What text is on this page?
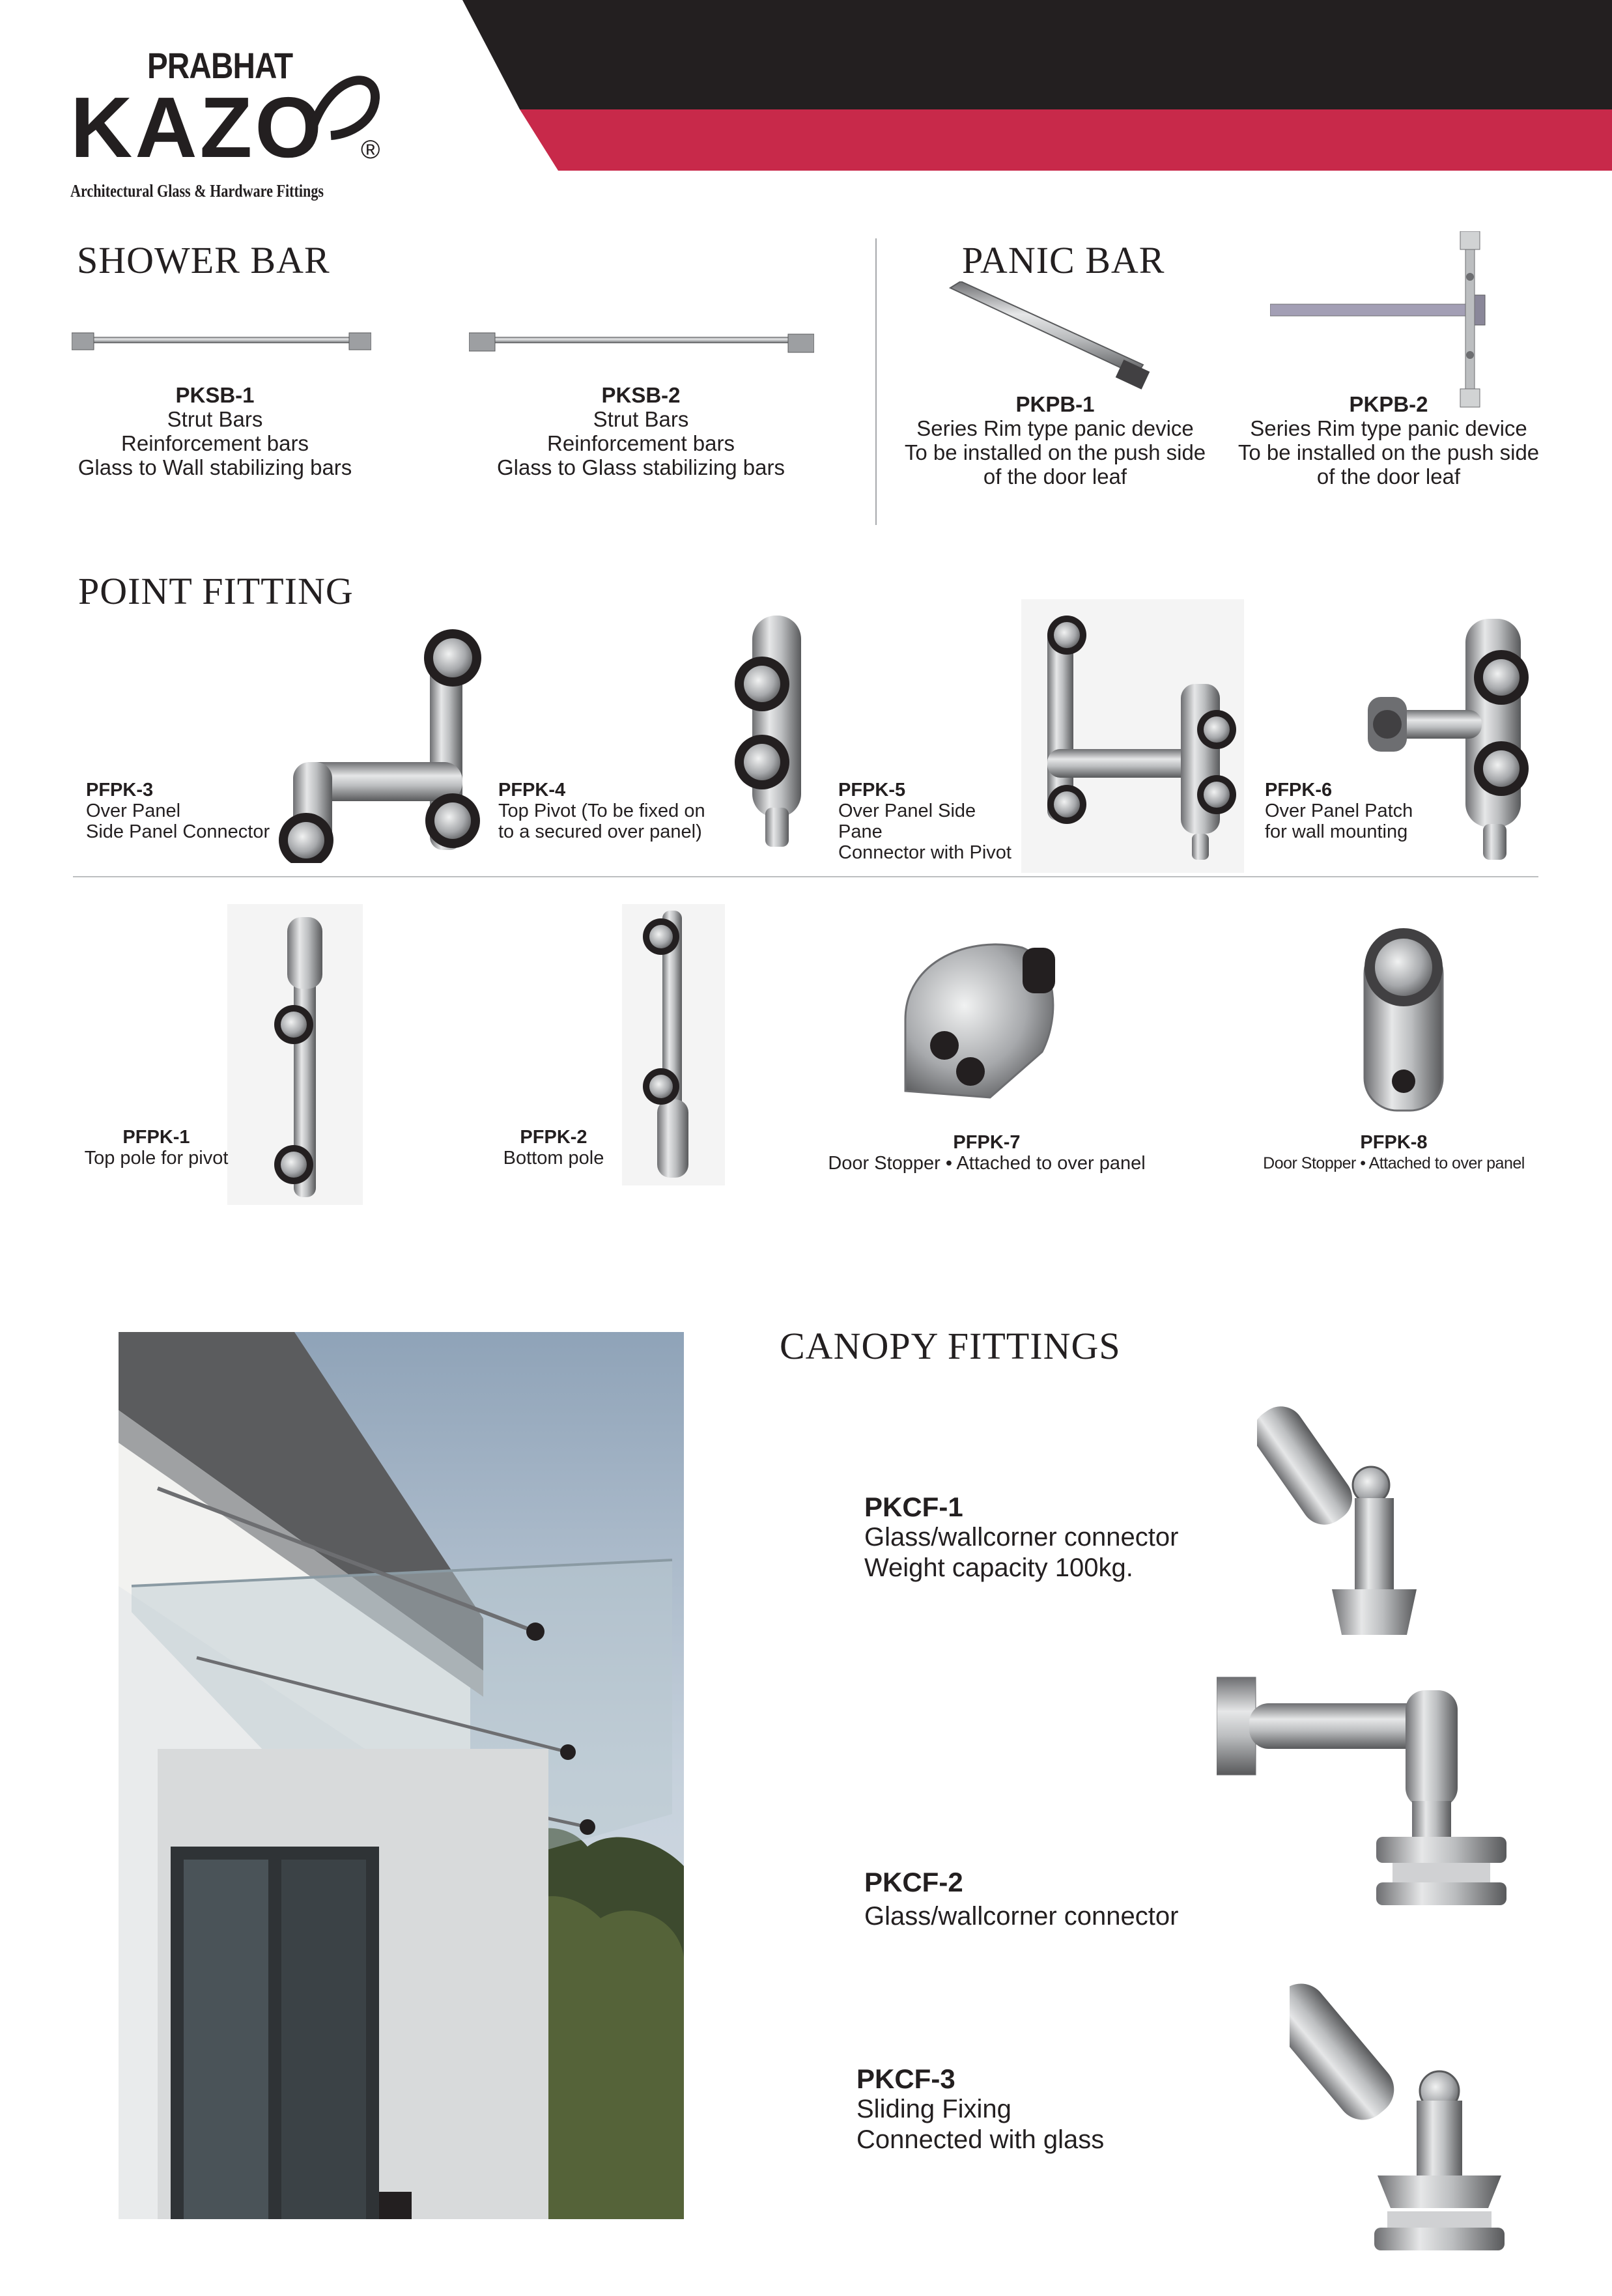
PRABHAT
KAZO ®
Architectural Glass & Hardware Fittings
SHOWER BAR
PKSB-1
Strut Bars
Reinforcement bars
Glass to Wall stabilizing bars
PKSB-2
Strut Bars
Reinforcement bars
Glass to Glass stabilizing bars
PANIC BAR
PKPB-1
Series Rim type panic device
To be installed on the push side
of the door leaf
PKPB-2
Series Rim type panic device
To be installed on the push side
of the door leaf
POINT FITTING
PFPK-3
Over Panel
Side Panel Connector
PFPK-4
Top Pivot (To be fixed on
to a secured over panel)
PFPK-5
Over Panel Side Pane
Connector with Pivot
PFPK-6
Over Panel Patch
for wall mounting
PFPK-1
Top pole for pivot
PFPK-2
Bottom pole
PFPK-7
Door Stopper • Attached to over panel
PFPK-8
Door Stopper • Attached to over panel
CANOPY FITTINGS
PKCF-1
Glass/wallcorner connector
Weight capacity 100kg.
PKCF-2
Glass/wallcorner connector
PKCF-3
Sliding Fixing
Connected with glass
